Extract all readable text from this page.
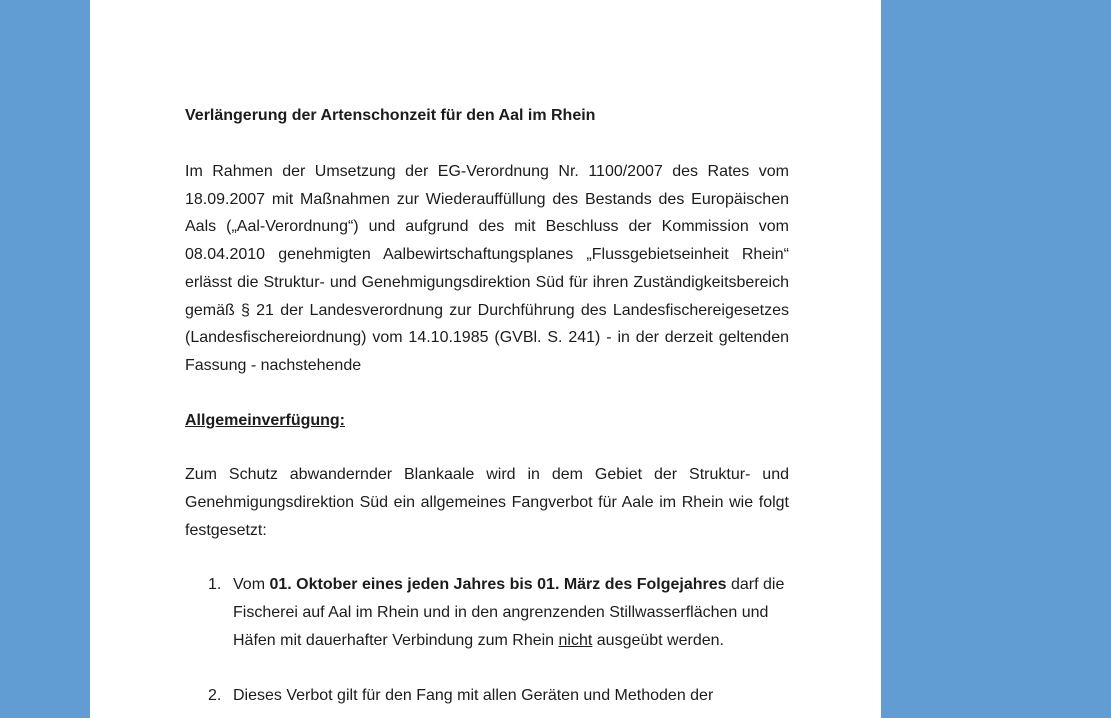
Verlängerung der Artenschonzeit für den Aal im Rhein

Im Rahmen der Umsetzung der EG-Verordnung Nr. 1100/2007 des Rates vom 18.09.2007 mit Maßnahmen zur Wiederauffüllung des Bestands des Europäischen Aals („Aal-Verordnung“) und aufgrund des mit Beschluss der Kommission vom 08.04.2010 genehmigten Aalbewirtschaftungsplanes „Flussgebietseinheit Rhein“ erlässt die Struktur- und Genehmigungsdirektion Süd für ihren Zuständigkeitsbereich gemäß § 21 der Landesverordnung zur Durchführung des Landesfischereigesetzes (Landesfischereiordnung) vom 14.10.1985 (GVBl. S. 241) - in der derzeit geltenden Fassung - nachstehende

Allgemeinverfügung:

Zum Schutz abwandernder Blankaale wird in dem Gebiet der Struktur- und Genehmigungsdirektion Süd ein allgemeines Fangverbot für Aale im Rhein wie folgt festgesetzt:

1. Vom 01. Oktober eines jeden Jahres bis 01. März des Folgejahres darf die Fischerei auf Aal im Rhein und in den angrenzenden Stillwasserflächen und Häfen mit dauerhafter Verbindung zum Rhein nicht ausgeübt werden.
2. Dieses Verbot gilt für den Fang mit allen Geräten und Methoden der
